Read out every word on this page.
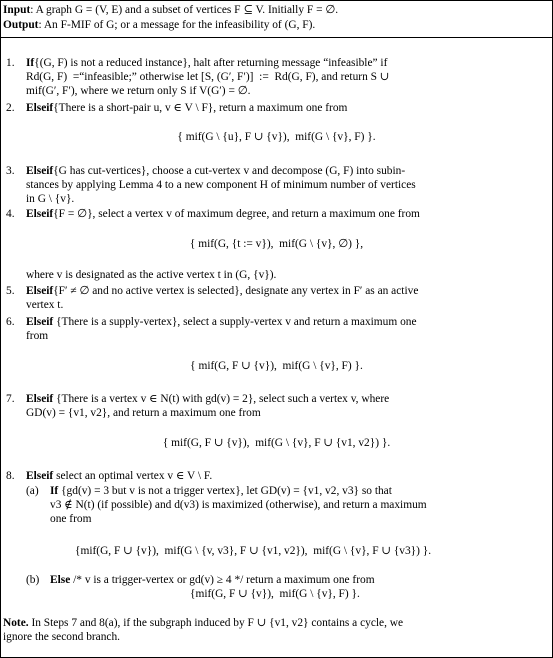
Input: A graph G = (V, E) and a subset of vertices F ⊆ V. Initially F = ∅.
Output: An F-MIF of G; or a message for the infeasibility of (G, F).
1. If{(G, F) is not a reduced instance}, halt after returning message “infeasible” if
Rd(G, F)  =“infeasible;” otherwise let [S, (G′, F′)]  :=  Rd(G, F), and return S ∪
mif(G′, F′), where we return only S if V(G′) = ∅.
2. Elseif{There is a short-pair u, v ∈ V \ F}, return a maximum one from
{ mif(G \ {u}, F ∪ {v}),  mif(G \ {v}, F) }.
3. Elseif{G has cut-vertices}, choose a cut-vertex v and decompose (G, F) into subin-
stances by applying Lemma 4 to a new component H of minimum number of vertices
in G \ {v}.
4. Elseif{F = ∅}, select a vertex v of maximum degree, and return a maximum one from
{ mif(G, {t := v}),  mif(G \ {v}, ∅) },
where v is designated as the active vertex t in (G, {v}).
5. Elseif{F′ ≠ ∅ and no active vertex is selected}, designate any vertex in F′ as an active
vertex t.
6. Elseif {There is a supply-vertex}, select a supply-vertex v and return a maximum one
from
{ mif(G, F ∪ {v}),  mif(G \ {v}, F) }.
7. Elseif {There is a vertex v ∈ N(t) with gd(v) = 2}, select such a vertex v, where
GD(v) = {v1, v2}, and return a maximum one from
{ mif(G, F ∪ {v}),  mif(G \ {v}, F ∪ {v1, v2}) }.
8. Elseif select an optimal vertex v ∈ V \ F.
(a) If {gd(v) = 3 but v is not a trigger vertex}, let GD(v) = {v1, v2, v3} so that
v3 ∉ N(t) (if possible) and d(v3) is maximized (otherwise), and return a maximum
one from
{mif(G, F ∪ {v}),  mif(G \ {v, v3}, F ∪ {v1, v2}),  mif(G \ {v}, F ∪ {v3}) }.
(b) Else /* v is a trigger-vertex or gd(v) ≥ 4 */ return a maximum one from
{mif(G, F ∪ {v}),  mif(G \ {v}, F) }.
Note. In Steps 7 and 8(a), if the subgraph induced by F ∪ {v1, v2} contains a cycle, we
ignore the second branch.
